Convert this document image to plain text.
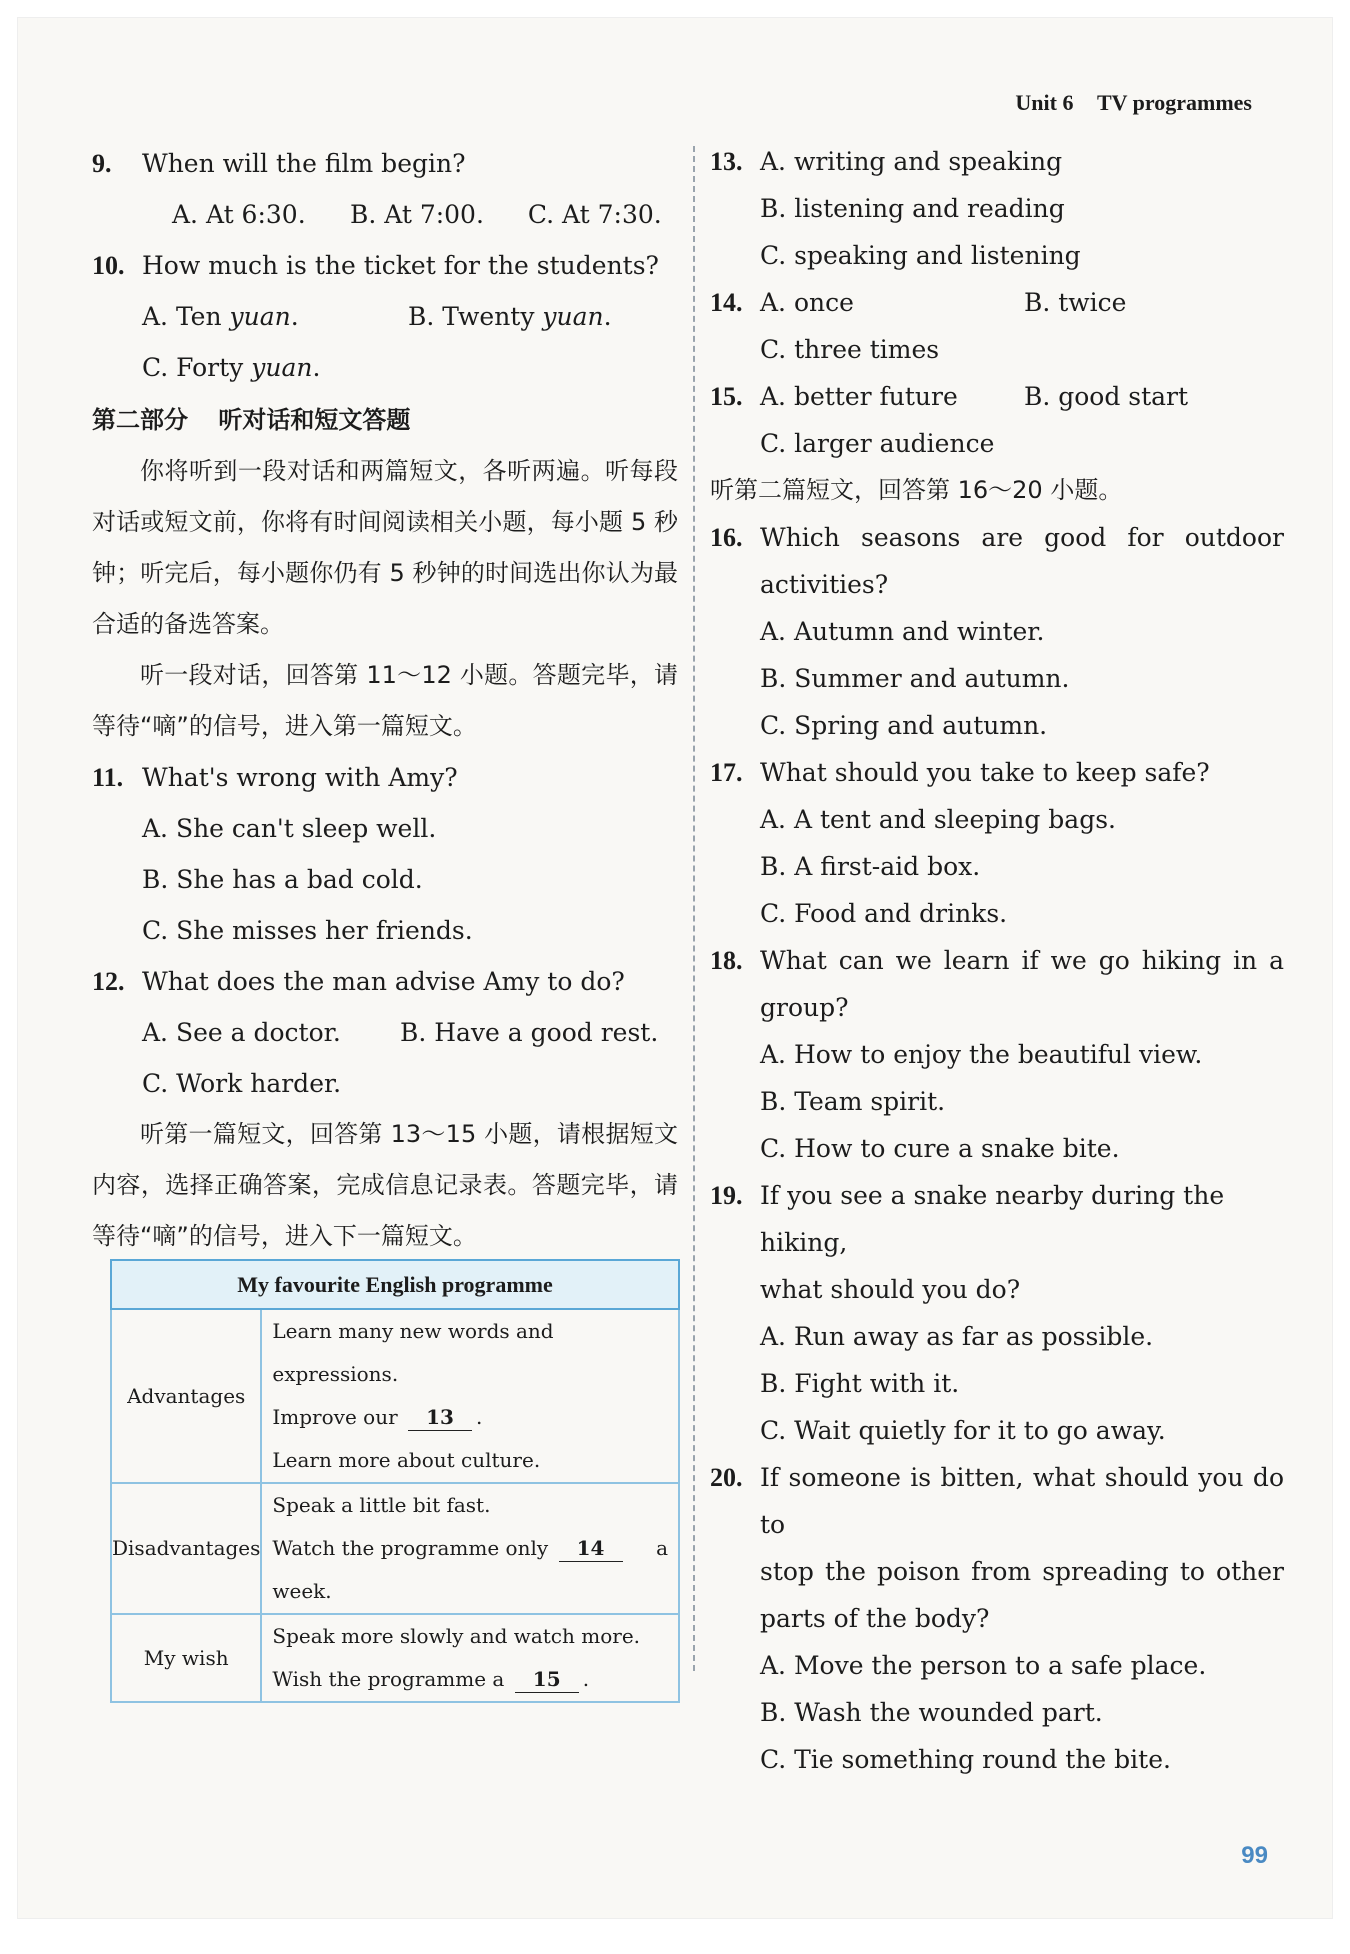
Unit 6 TV programmes
9. When will the film begin?
A. At 6:30. B. At 7:00. C. At 7:30.
10. How much is the ticket for the students?
A. Ten yuan.	B. Twenty yuan.
C. Forty yuan.
第二部分 听对话和短文答题
你将听到一段对话和两篇短文，各听两遍。听每段对话或短文前，你将有时间阅读相关小题，每小题 5 秒钟；听完后，每小题你仍有 5 秒钟的时间选出你认为最合适的备选答案。
听一段对话，回答第 11～12 小题。答题完毕，请等待“嘀”的信号，进入第一篇短文。
11. What's wrong with Amy?
A. She can't sleep well.
B. She has a bad cold.
C. She misses her friends.
12. What does the man advise Amy to do?
A. See a doctor. B. Have a good rest.
C. Work harder.
听第一篇短文，回答第 13～15 小题，请根据短文内容，选择正确答案，完成信息记录表。答题完毕，请等待“嘀”的信号，进入下一篇短文。
My favourite English programme	
Advantages	Learn many new words and expressions.
Improve our 13 .
Learn more about culture.

Disadvantages	Speak a little bit fast.
Watch the programme only 14 a
week.

My wish	Speak more slowly and watch more.
Wish the programme a 15 .
13. A. writing and speaking
B. listening and reading
C. speaking and listening
14. A. once	B. twice
C. three times
15. A. better future	B. good start
C. larger audience
听第二篇短文，回答第 16～20 小题。
16. Which seasons are good for outdoor
activities?
A. Autumn and winter.
B. Summer and autumn.
C. Spring and autumn.
17. What should you take to keep safe?
A. A tent and sleeping bags.
B. A first-aid box.
C. Food and drinks.
18. What can we learn if we go hiking in a
group?
A. How to enjoy the beautiful view.
B. Team spirit.
C. How to cure a snake bite.
19. If you see a snake nearby during the hiking,
what should you do?
A. Run away as far as possible.
B. Fight with it.
C. Wait quietly for it to go away.
20. If someone is bitten, what should you do to
stop the poison from spreading to other
parts of the body?
A. Move the person to a safe place.
B. Wash the wounded part.
C. Tie something round the bite.
99
